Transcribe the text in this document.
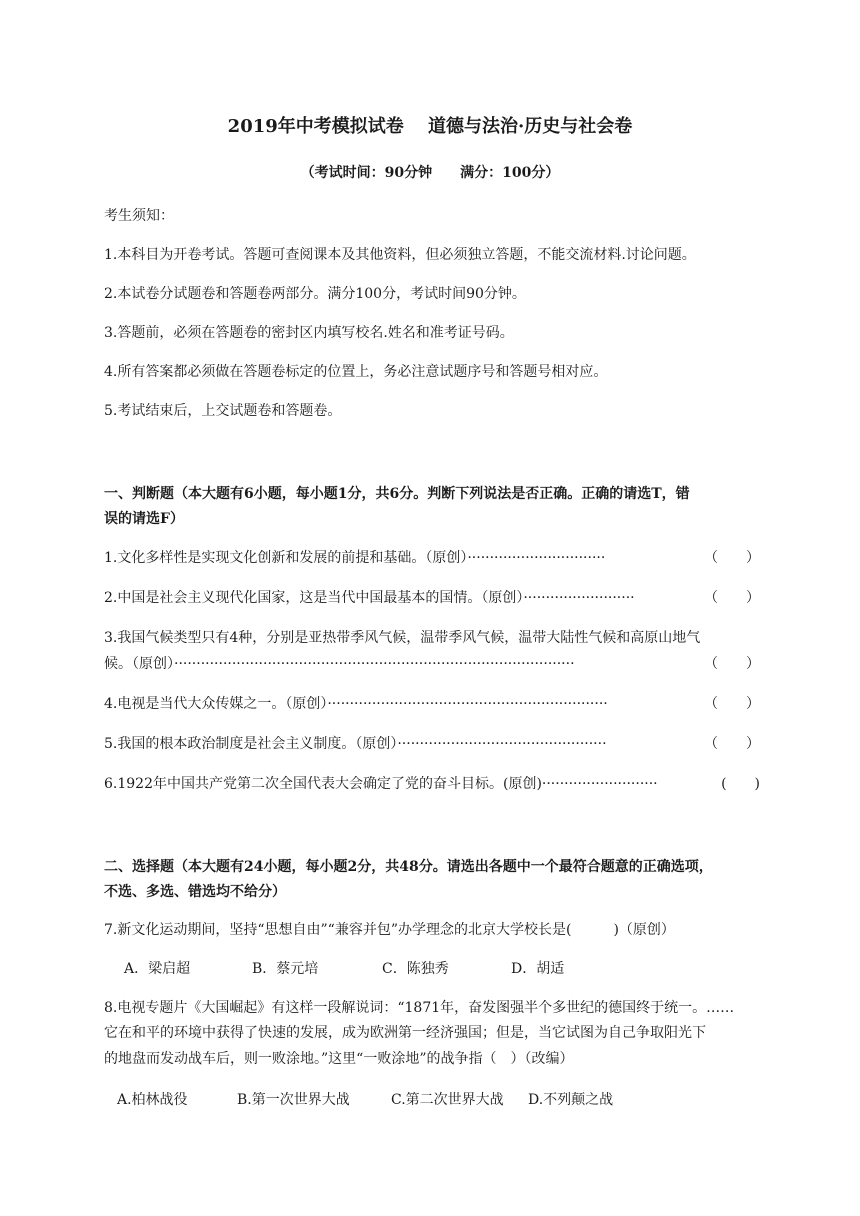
2019年中考模拟试卷　 道德与法治·历史与社会卷
（考试时间：90分钟　　满分：100分）
考生须知：
1.本科目为开卷考试。答题可查阅课本及其他资料，但必须独立答题，不能交流材料.讨论问题。
2.本试卷分试题卷和答题卷两部分。满分100分，考试时间90分钟。
3.答题前，必须在答题卷的密封区内填写校名.姓名和准考证号码。
4.所有答案都必须做在答题卷标定的位置上，务必注意试题序号和答题号相对应。
5.考试结束后，上交试题卷和答题卷。
一、判断题（本大题有6小题，每小题1分，共6分。判断下列说法是否正确。正确的请选T，错
误的请选F）
1.文化多样性是实现文化创新和发展的前提和基础。（原创）·······························	（　　）
2.中国是社会主义现代化国家，这是当代中国最基本的国情。（原创）·························	（　　）
3.我国气候类型只有4种，分别是亚热带季风气候，温带季风气候，温带大陆性气候和高原山地气
候。（原创）··························································································	（　　）
4.电视是当代大众传媒之一。（原创）·······························································	（　　）
5.我国的根本政治制度是社会主义制度。（原创）···············································	（　　）
6.1922年中国共产党第二次全国代表大会确定了党的奋斗目标。(原创)··························	(　　)
二、选择题（本大题有24小题，每小题2分，共48分。请选出各题中一个最符合题意的正确选项，
不选、多选、错选均不给分）
7.新文化运动期间，坚持“思想自由”“兼容并包”办学理念的北京大学校长是(　　　)（原创）
A．梁启超	B．蔡元培	C．陈独秀	D．胡适
8.电视专题片《大国崛起》有这样一段解说词：“1871年，奋发图强半个多世纪的德国终于统一。……
它在和平的环境中获得了快速的发展，成为欧洲第一经济强国；但是，当它试图为自己争取阳光下
的地盘而发动战车后，则一败涂地。”这里“一败涂地”的战争指（　）（改编）
A.柏林战役	B.第一次世界大战	C.第二次世界大战 D.不列颠之战
